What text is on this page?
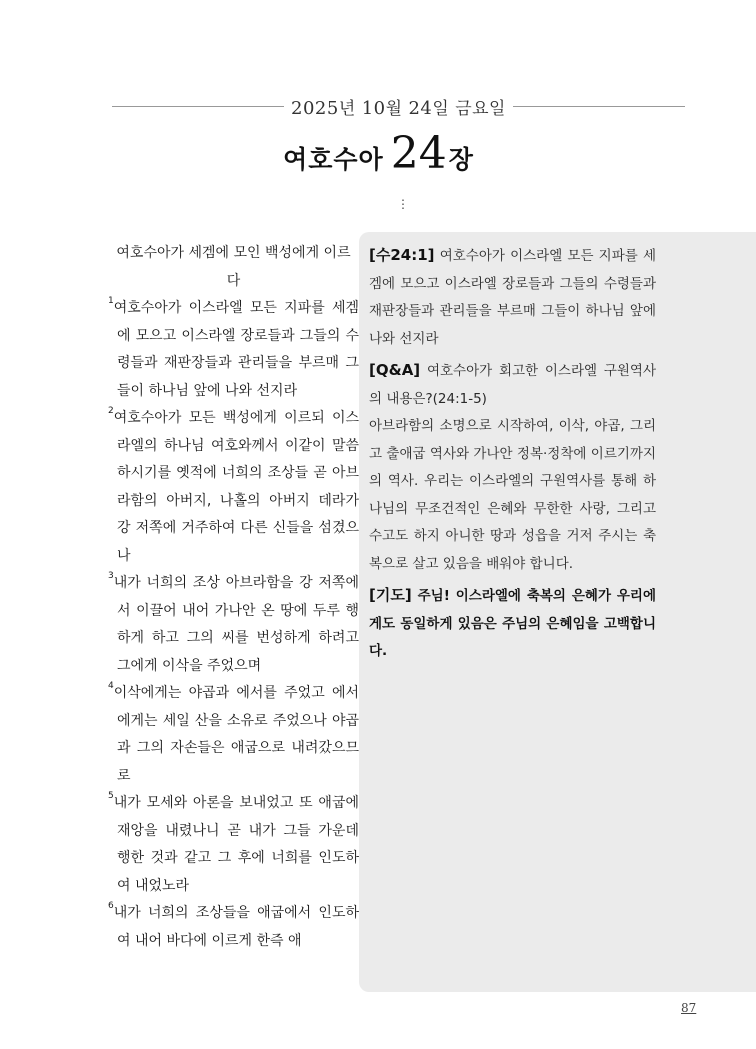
2025년 10월 24일 금요일
여호수아 24장
⋮
여호수아가 세겜에 모인 백성에게 이르다
$^1$여호수아가 이스라엘 모든 지파를 세겜에 모으고 이스라엘 장로들과 그들의 수령들과 재판장들과 관리들을 부르매 그들이 하나님 앞에 나와 선지라
$^2$여호수아가 모든 백성에게 이르되 이스라엘의 하나님 여호와께서 이같이 말씀하시기를 옛적에 너희의 조상들 곧 아브라함의 아버지, 나홀의 아버지 데라가 강 저쪽에 거주하여 다른 신들을 섬겼으나
$^3$내가 너희의 조상 아브라함을 강 저쪽에서 이끌어 내어 가나안 온 땅에 두루 행하게 하고 그의 씨를 번성하게 하려고 그에게 이삭을 주었으며
$^4$이삭에게는 야곱과 에서를 주었고 에서에게는 세일 산을 소유로 주었으나 야곱과 그의 자손들은 애굽으로 내려갔으므로
$^5$내가 모세와 아론을 보내었고 또 애굽에 재앙을 내렸나니 곧 내가 그들 가운데 행한 것과 같고 그 후에 너희를 인도하여 내었노라
$^6$내가 너희의 조상들을 애굽에서 인도하여 내어 바다에 이르게 한즉 애
[수24:1] 여호수아가 이스라엘 모든 지파를 세겜에 모으고 이스라엘 장로들과 그들의 수령들과 재판장들과 관리들을 부르매 그들이 하나님 앞에 나와 선지라
[Q&A] 여호수아가 회고한 이스라엘 구원역사의 내용은?(24:1-5)
아브라함의 소명으로 시작하여, 이삭, 야곱, 그리고 출애굽 역사와 가나안 정복·정착에 이르기까지의 역사. 우리는 이스라엘의 구원역사를 통해 하나님의 무조건적인 은혜와 무한한 사랑, 그리고 수고도 하지 아니한 땅과 성읍을 거저 주시는 축복으로 살고 있음을 배워야 합니다.
[기도] 주님! 이스라엘에 축복의 은혜가 우리에게도 동일하게 있음은 주님의 은혜임을 고백합니다.
87
